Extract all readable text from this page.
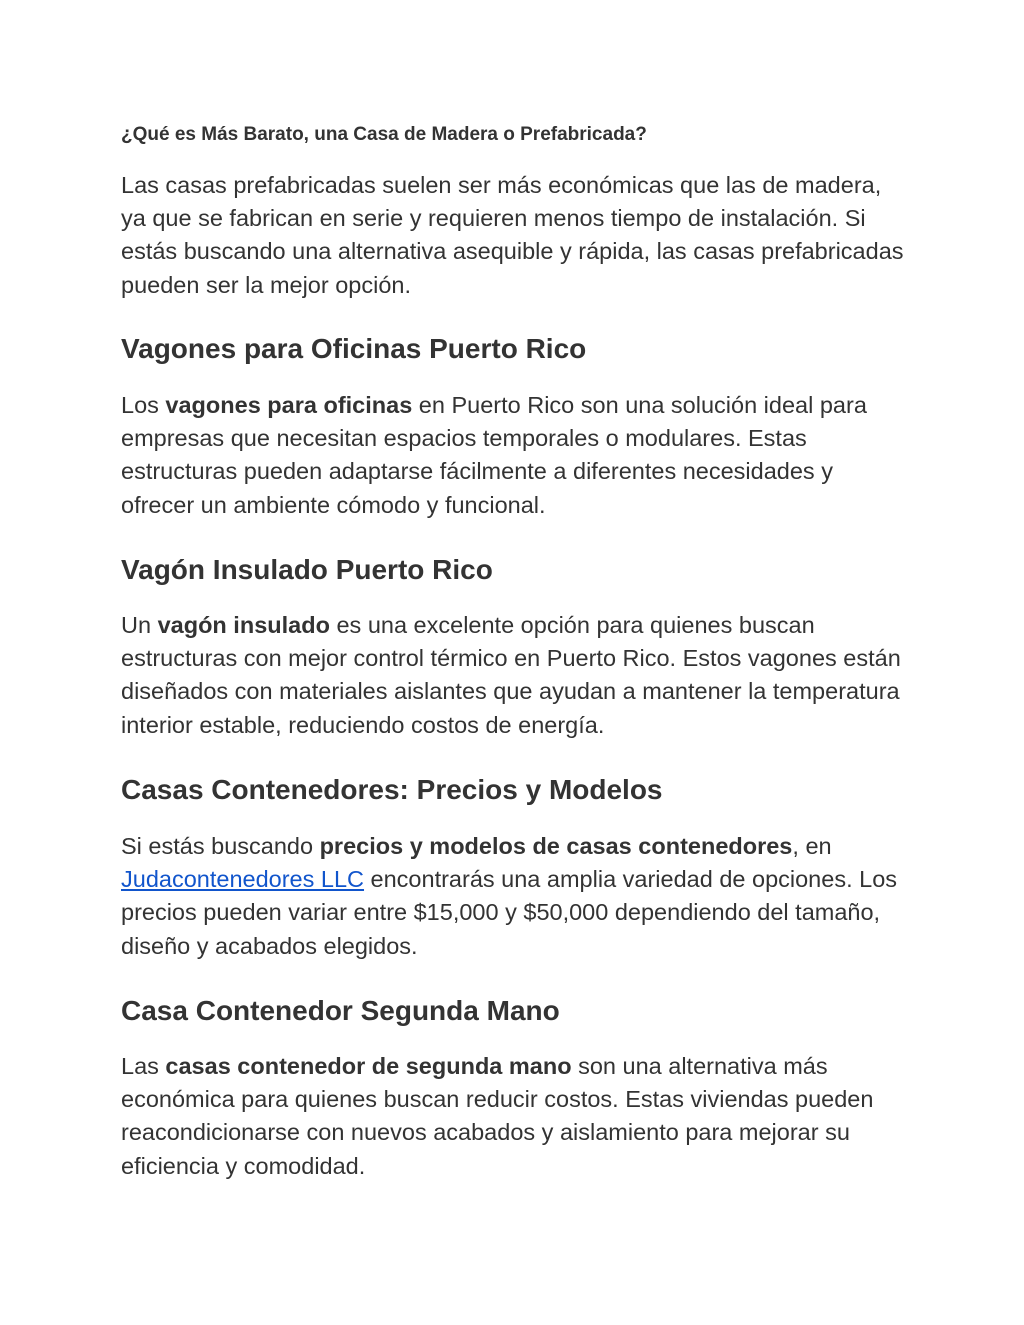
¿Qué es Más Barato, una Casa de Madera o Prefabricada?

Las casas prefabricadas suelen ser más económicas que las de madera, ya que se fabrican en serie y requieren menos tiempo de instalación. Si estás buscando una alternativa asequible y rápida, las casas prefabricadas pueden ser la mejor opción.

Vagones para Oficinas Puerto Rico

Los vagones para oficinas en Puerto Rico son una solución ideal para empresas que necesitan espacios temporales o modulares. Estas estructuras pueden adaptarse fácilmente a diferentes necesidades y ofrecer un ambiente cómodo y funcional.

Vagón Insulado Puerto Rico

Un vagón insulado es una excelente opción para quienes buscan estructuras con mejor control térmico en Puerto Rico. Estos vagones están diseñados con materiales aislantes que ayudan a mantener la temperatura interior estable, reduciendo costos de energía.

Casas Contenedores: Precios y Modelos

Si estás buscando precios y modelos de casas contenedores, en Judacontenedores LLC encontrarás una amplia variedad de opciones. Los precios pueden variar entre $15,000 y $50,000 dependiendo del tamaño, diseño y acabados elegidos.

Casa Contenedor Segunda Mano

Las casas contenedor de segunda mano son una alternativa más económica para quienes buscan reducir costos. Estas viviendas pueden reacondicionarse con nuevos acabados y aislamiento para mejorar su eficiencia y comodidad.
